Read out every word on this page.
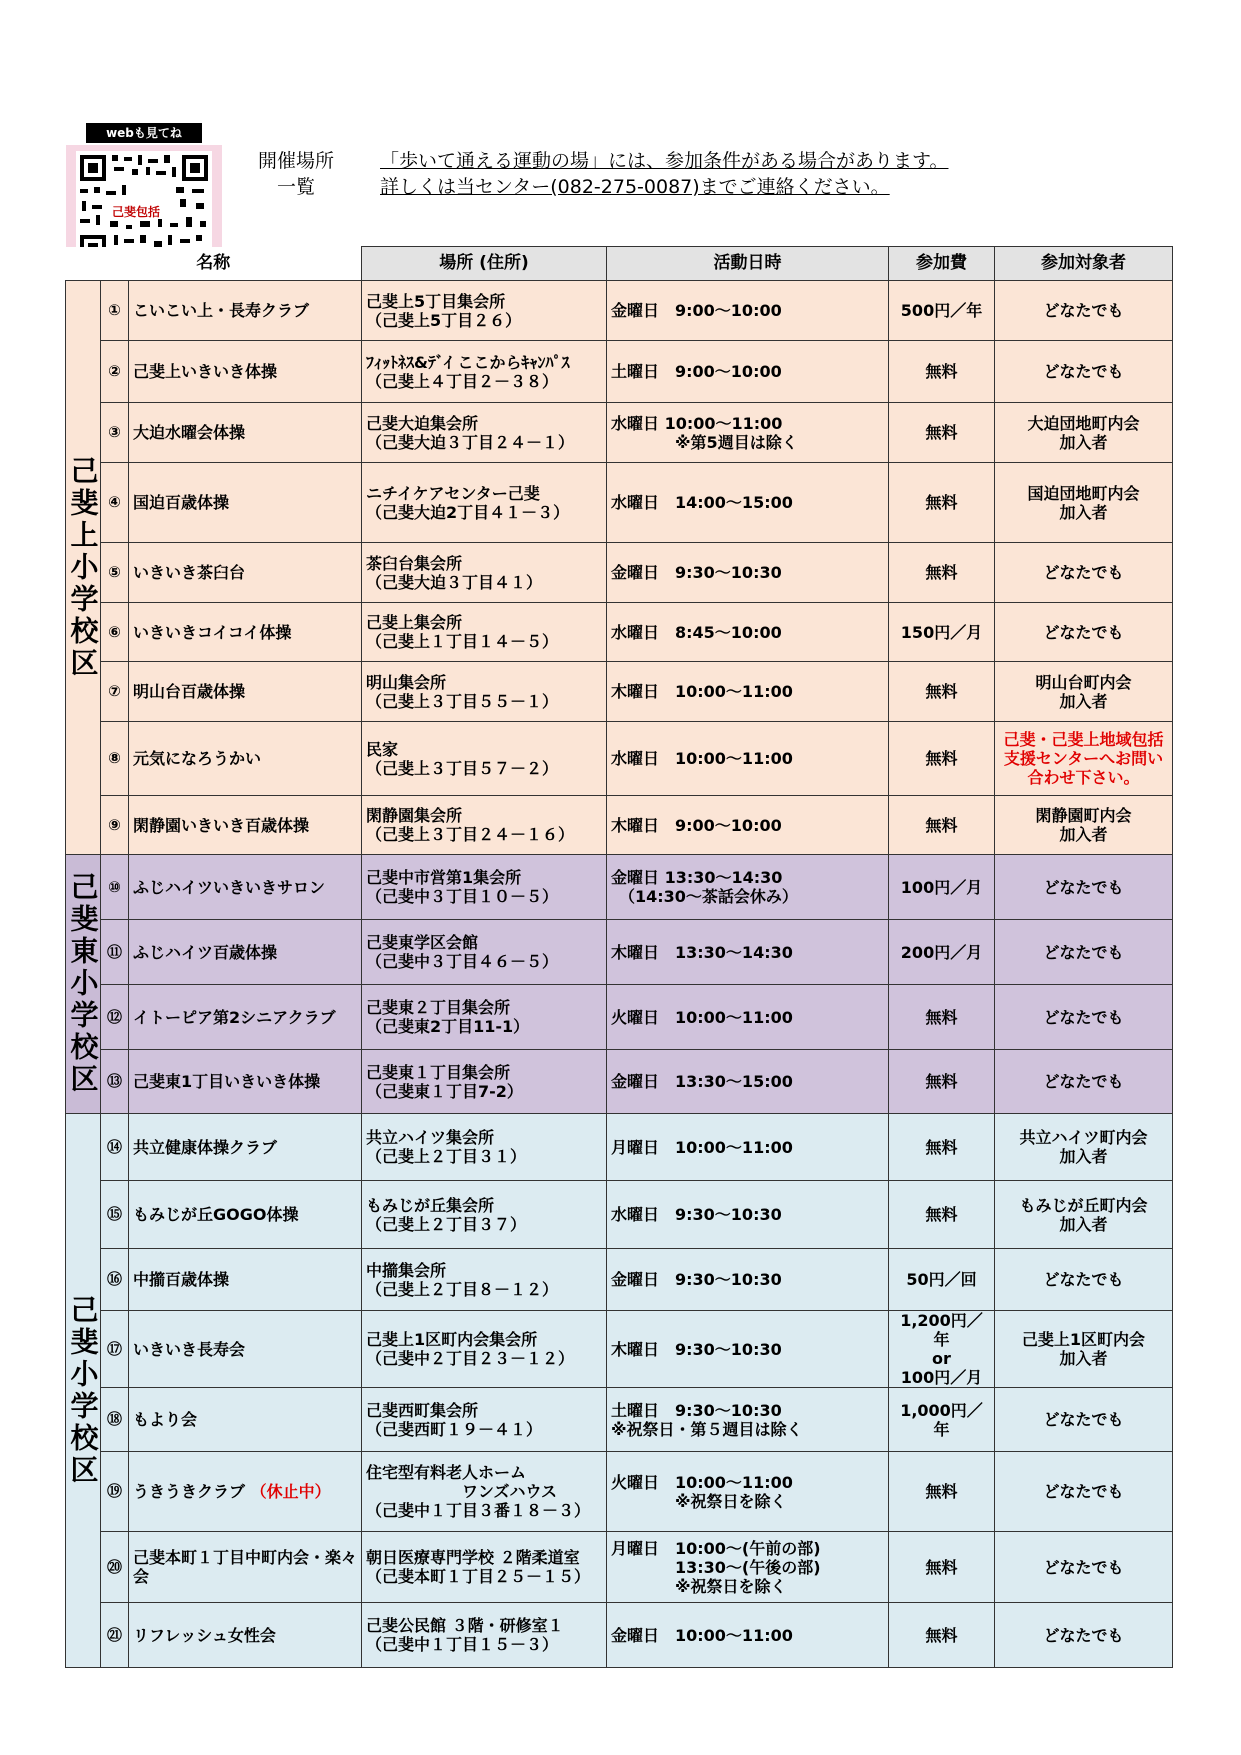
webも見てね
己斐包括
開催場所
一覧
「歩いて通える運動の場」には、参加条件がある場合があります。
詳しくは当センター(082-275-0087)までご連絡ください。
名称			場所 (住所)	活動日時	参加費	参加対象者
己斐上小学校区	①	こいこい上・長寿クラブ	己斐上5丁目集会所
（己斐上5丁目２６）	金曜日　9:00～10:00	500円／年	どなたでも
	②	己斐上いきいき体操	ﾌｨｯﾄﾈｽ&ﾃﾞｲ ここからｷｬﾝﾊﾟｽ
（己斐上４丁目２－３８）	土曜日　9:00～10:00	無料	どなたでも
	③	大迫水曜会体操	己斐大迫集会所
（己斐大迫３丁目２４－１）	水曜日 10:00～11:00
　　　　※第5週目は除く	無料	大迫団地町内会
加入者
	④	国迫百歳体操	ニチイケアセンター己斐
（己斐大迫2丁目４１－３）	水曜日　14:00～15:00	無料	国迫団地町内会
加入者
	⑤	いきいき茶臼台	茶臼台集会所
（己斐大迫３丁目４１）	金曜日　9:30～10:30	無料	どなたでも
	⑥	いきいきコイコイ体操	己斐上集会所
（己斐上１丁目１４－５）	水曜日　8:45～10:00	150円／月	どなたでも
	⑦	明山台百歳体操	明山集会所
（己斐上３丁目５５－１）	木曜日　10:00～11:00	無料	明山台町内会
加入者
	⑧	元気になろうかい	民家
（己斐上３丁目５７－２）	水曜日　10:00～11:00	無料	己斐・己斐上地域包括
支援センターへお問い
合わせ下さい。
	⑨	閑静園いきいき百歳体操	閑静園集会所
（己斐上３丁目２４－１６）	木曜日　9:00～10:00	無料	閑静園町内会
加入者
己斐東小学校区	⑩	ふじハイツいきいきサロン	己斐中市営第1集会所
（己斐中３丁目１０－５）	金曜日 13:30～14:30
　（14:30～茶話会休み）	100円／月	どなたでも
	⑪	ふじハイツ百歳体操	己斐東学区会館
（己斐中３丁目４６－５）	木曜日　13:30～14:30	200円／月	どなたでも
	⑫	イトーピア第2シニアクラブ	己斐東２丁目集会所
（己斐東2丁目11-1）	火曜日　10:00～11:00	無料	どなたでも
	⑬	己斐東1丁目いきいき体操	己斐東１丁目集会所
（己斐東１丁目7-2）	金曜日　13:30～15:00	無料	どなたでも
己斐小学校区	⑭	共立健康体操クラブ	共立ハイツ集会所
（己斐上２丁目３１）	月曜日　10:00～11:00	無料	共立ハイツ町内会
加入者
	⑮	もみじが丘GOGO体操	もみじが丘集会所
（己斐上２丁目３７）	水曜日　9:30～10:30	無料	もみじが丘町内会
加入者
	⑯	中擶百歳体操	中擶集会所
（己斐上２丁目８－１２）	金曜日　9:30～10:30	50円／回	どなたでも
	⑰	いきいき長寿会	己斐上1区町内会集会所
（己斐中２丁目２３－１２）	木曜日　9:30～10:30	1,200円／年
or
100円／月	己斐上1区町内会
加入者
	⑱	もより会	己斐西町集会所
（己斐西町１９－４１）	土曜日　9:30～10:30
※祝祭日・第５週目は除く	1,000円／年	どなたでも
	⑲	うきうきクラブ （休止中）	住宅型有料老人ホーム
　　　　　　ワンズハウス
（己斐中１丁目３番１８－３）	火曜日　10:00～11:00
　　　　※祝祭日を除く	無料	どなたでも
	⑳	己斐本町１丁目中町内会・楽々会	朝日医療専門学校 ２階柔道室
（己斐本町１丁目２５－１５）	月曜日　10:00～(午前の部)
　　　　13:30～(午後の部)
　　　　※祝祭日を除く	無料	どなたでも
	㉑	リフレッシュ女性会	己斐公民館 ３階・研修室１
（己斐中１丁目１５－３）	金曜日　10:00～11:00	無料	どなたでも
